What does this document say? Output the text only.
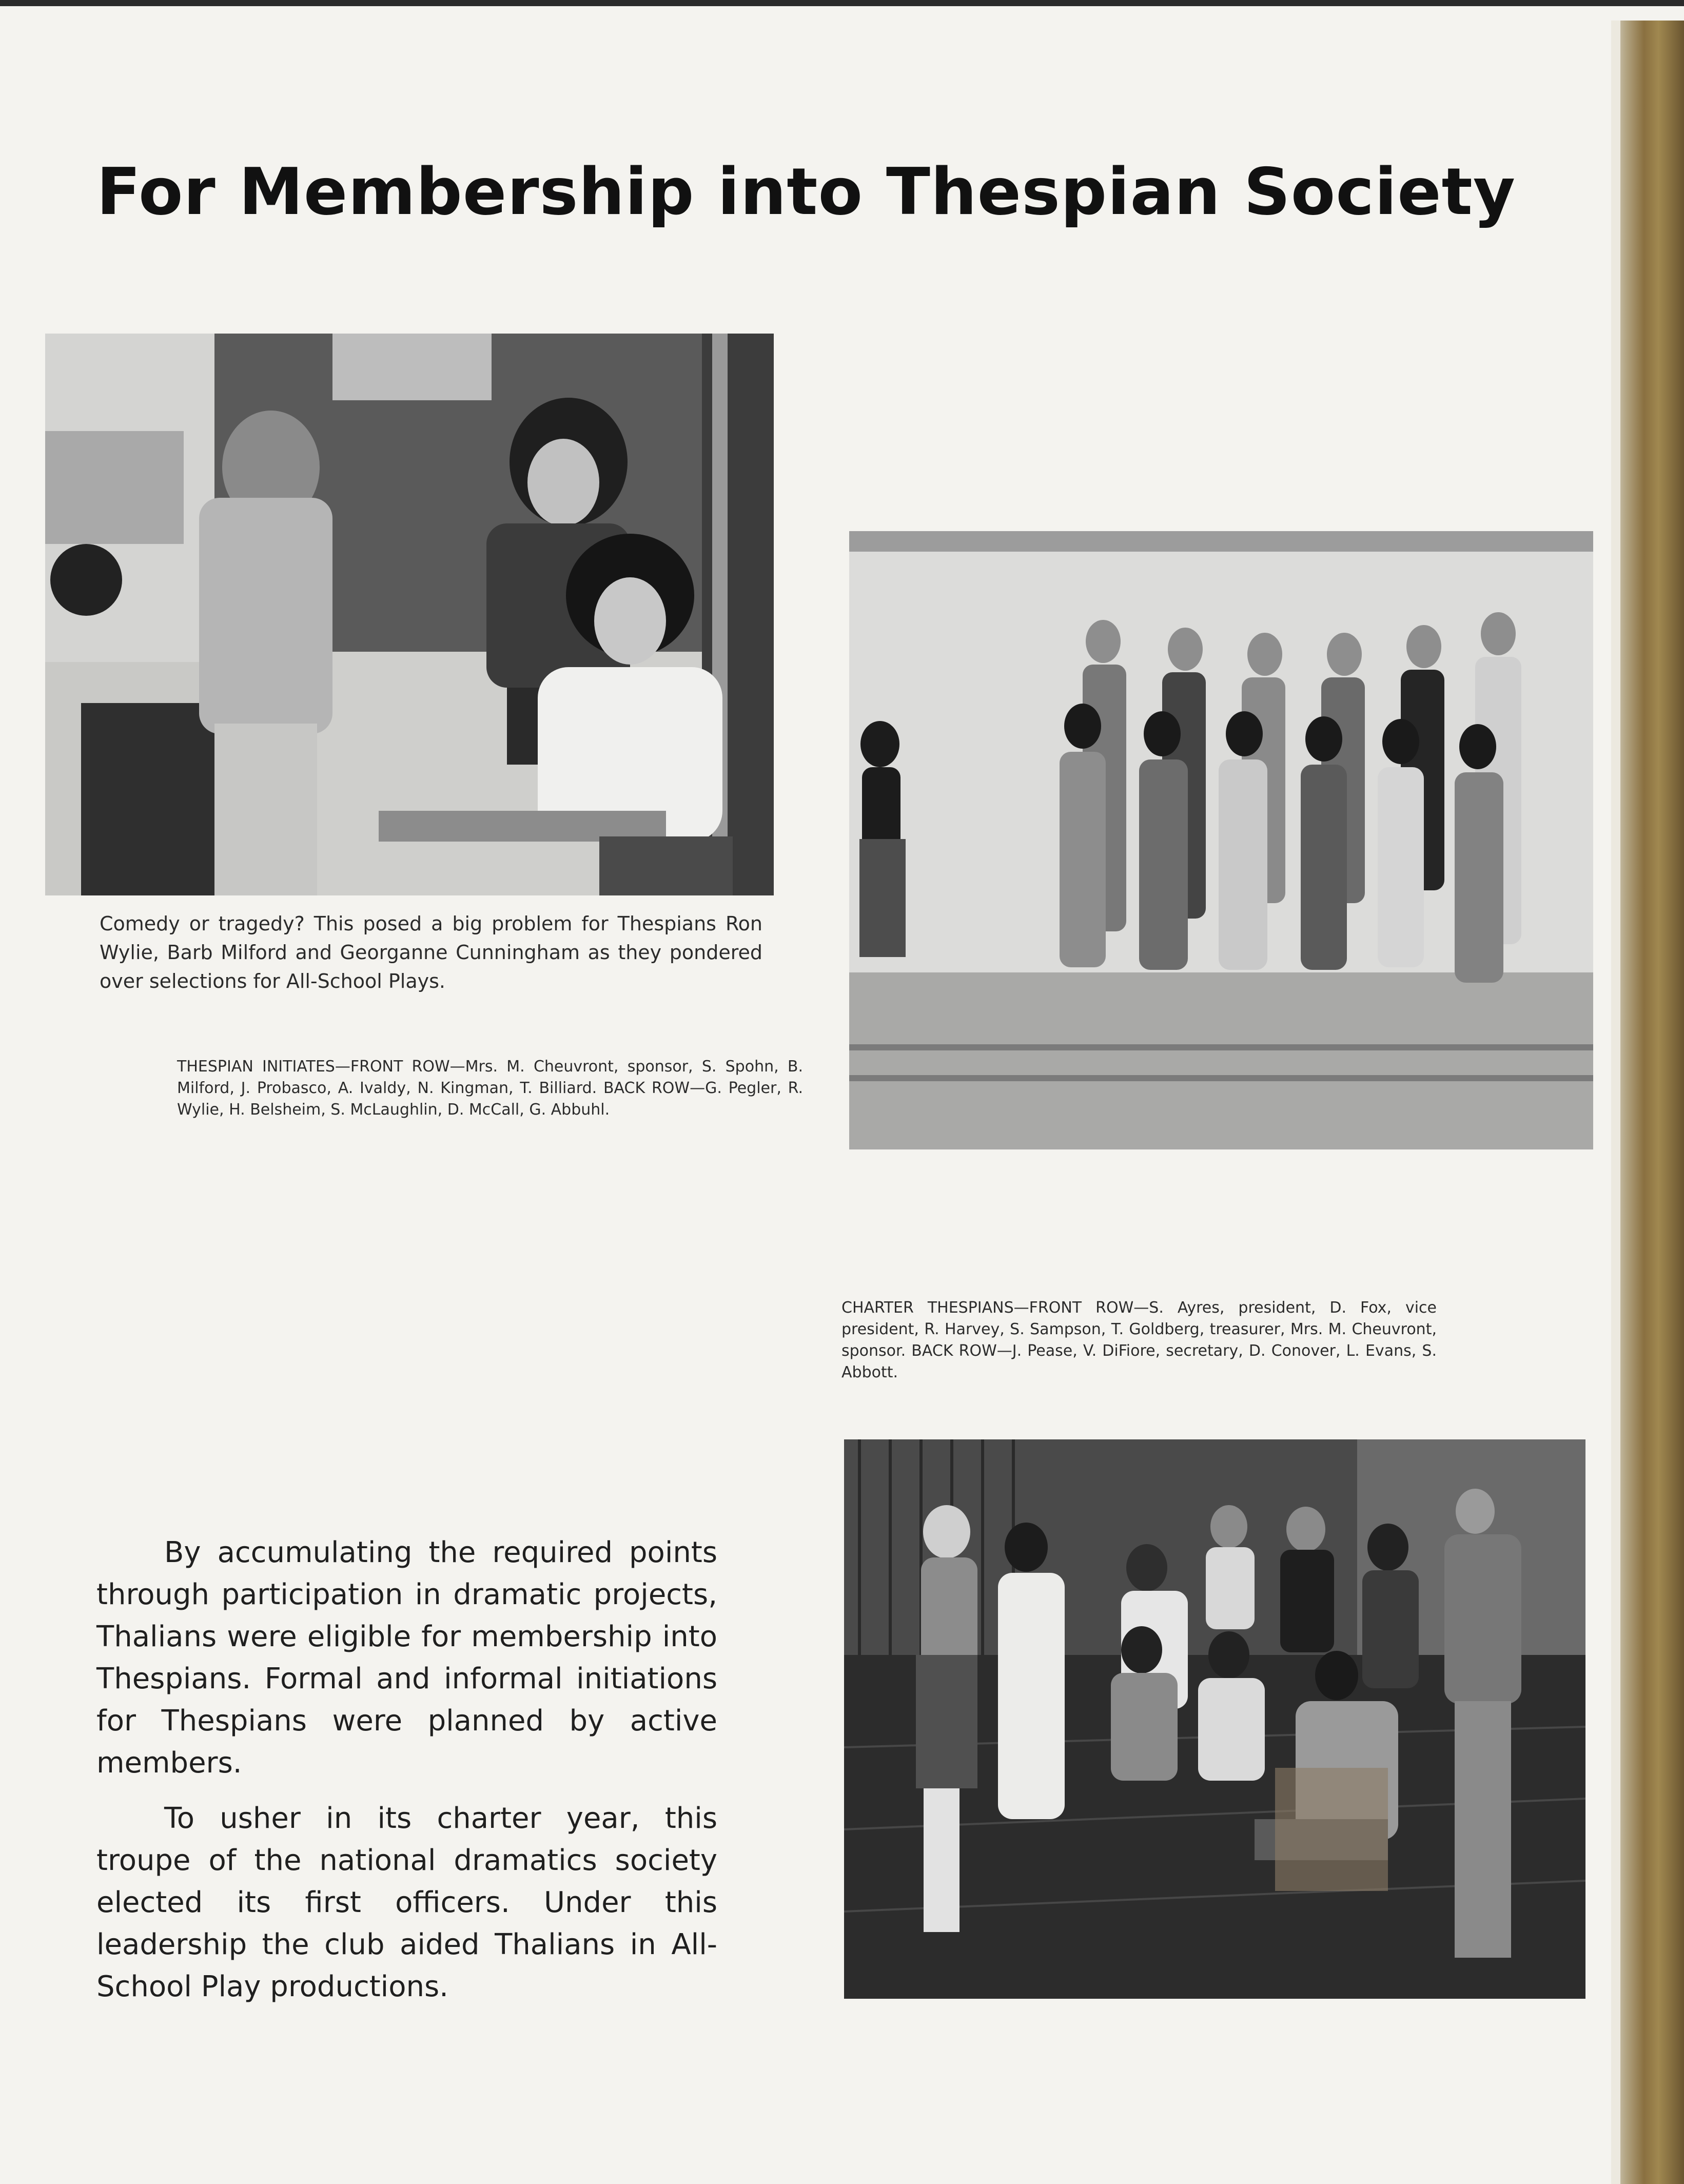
For Membership into Thespian Society

Comedy or tragedy? This posed a big problem for Thespians Ron Wylie, Barb Milford and Georganne Cunningham as they pondered over selections for All-School Plays.

THESPIAN INITIATES—FRONT ROW—Mrs. M. Cheuvront, sponsor, S. Spohn, B. Milford, J. Probasco, A. Ivaldy, N. Kingman, T. Billiard. BACK ROW—G. Pegler, R. Wylie, H. Belsheim, S. McLaughlin, D. McCall, G. Abbuhl.

CHARTER THESPIANS—FRONT ROW—S. Ayres, president, D. Fox, vice president, R. Harvey, S. Sampson, T. Goldberg, treasurer, Mrs. M. Cheuvront, sponsor. BACK ROW—J. Pease, V. DiFiore, secretary, D. Conover, L. Evans, S. Abbott.

By accumulating the required points through participation in dramatic projects, Thalians were eligible for membership into Thespians. Formal and informal initiations for Thespians were planned by active members.

To usher in its charter year, this troupe of the national dramatics society elected its first officers. Under this leadership the club aided Thalians in All-School Play productions.
